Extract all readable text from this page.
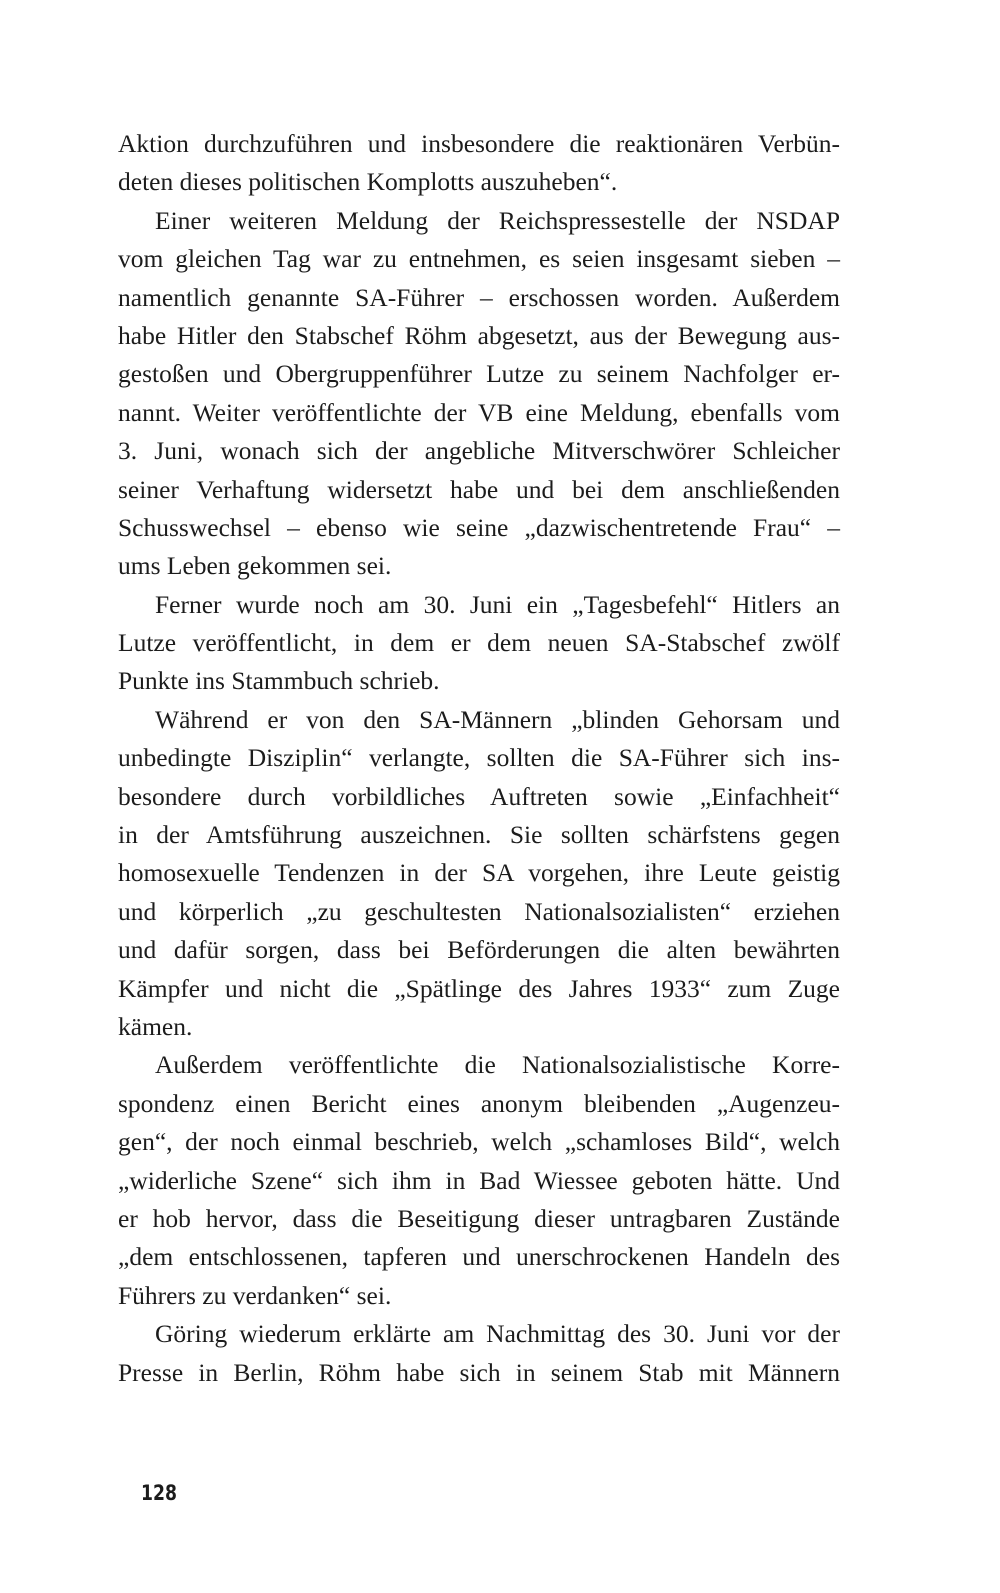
Aktion durchzuführen und insbesondere die reaktionären Verbün-
deten dieses politischen Komplotts auszuheben“.
Einer weiteren Meldung der Reichspressestelle der NSDAP
vom gleichen Tag war zu entnehmen, es seien insgesamt sieben –
namentlich genannte SA-Führer – erschossen worden. Außerdem
habe Hitler den Stabschef Röhm abgesetzt, aus der Bewegung aus-
gestoßen und Obergruppenführer Lutze zu seinem Nachfolger er-
nannt. Weiter veröffentlichte der VB eine Meldung, ebenfalls vom
3. Juni, wonach sich der angebliche Mitverschwörer Schleicher
seiner Verhaftung widersetzt habe und bei dem anschließenden
Schusswechsel – ebenso wie seine „dazwischentretende Frau“ –
ums Leben gekommen sei.
Ferner wurde noch am 30. Juni ein „Tagesbefehl“ Hitlers an
Lutze veröffentlicht, in dem er dem neuen SA-Stabschef zwölf
Punkte ins Stammbuch schrieb.
Während er von den SA-Männern „blinden Gehorsam und
unbedingte Disziplin“ verlangte, sollten die SA-Führer sich ins-
besondere durch vorbildliches Auftreten sowie „Einfachheit“
in der Amtsführung auszeichnen. Sie sollten schärfstens gegen
homosexuelle Tendenzen in der SA vorgehen, ihre Leute geistig
und körperlich „zu geschultesten Nationalsozialisten“ erziehen
und dafür sorgen, dass bei Beförderungen die alten bewährten
Kämpfer und nicht die „Spätlinge des Jahres 1933“ zum Zuge
kämen.
Außerdem veröffentlichte die Nationalsozialistische Korre-
spondenz einen Bericht eines anonym bleibenden „Augenzeu-
gen“, der noch einmal beschrieb, welch „schamloses Bild“, welch
„widerliche Szene“ sich ihm in Bad Wiessee geboten hätte. Und
er hob hervor, dass die Beseitigung dieser untragbaren Zustände
„dem entschlossenen, tapferen und unerschrockenen Handeln des
Führers zu verdanken“ sei.
Göring wiederum erklärte am Nachmittag des 30. Juni vor der
Presse in Berlin, Röhm habe sich in seinem Stab mit Männern
128
